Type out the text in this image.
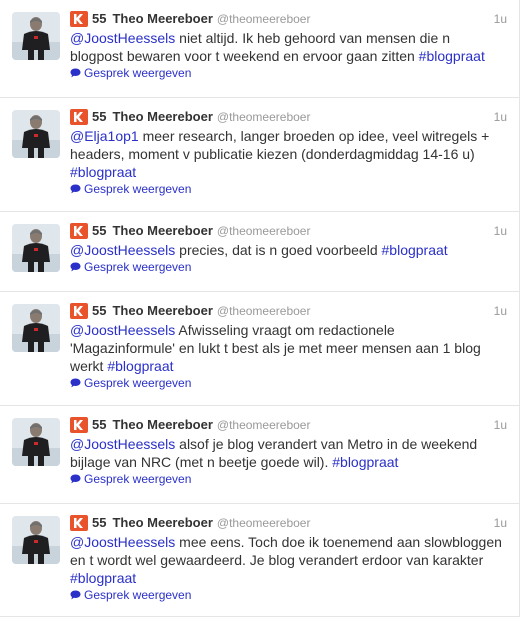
55 Theo Meereboer @theomeereboer	1u
@JoostHeessels niet altijd. Ik heb gehoord van mensen die n
blogpost bewaren voor t weekend en ervoor gaan zitten #blogpraat
Gesprek weergeven
55 Theo Meereboer @theomeereboer	1u
@Elja1op1 meer research, langer broeden op idee, veel witregels +
headers, moment v publicatie kiezen (donderdagmiddag 14-16 u)
#blogpraat
Gesprek weergeven
55 Theo Meereboer @theomeereboer	1u
@JoostHeessels precies, dat is n goed voorbeeld #blogpraat
Gesprek weergeven
55 Theo Meereboer @theomeereboer	1u
@JoostHeessels Afwisseling vraagt om redactionele
'Magazinformule' en lukt t best als je met meer mensen aan 1 blog
werkt #blogpraat
Gesprek weergeven
55 Theo Meereboer @theomeereboer	1u
@JoostHeessels alsof je blog verandert van Metro in de weekend
bijlage van NRC (met n beetje goede wil). #blogpraat
Gesprek weergeven
55 Theo Meereboer @theomeereboer	1u
@JoostHeessels mee eens. Toch doe ik toenemend aan slowbloggen
en t wordt wel gewaardeerd. Je blog verandert erdoor van karakter
#blogpraat
Gesprek weergeven
